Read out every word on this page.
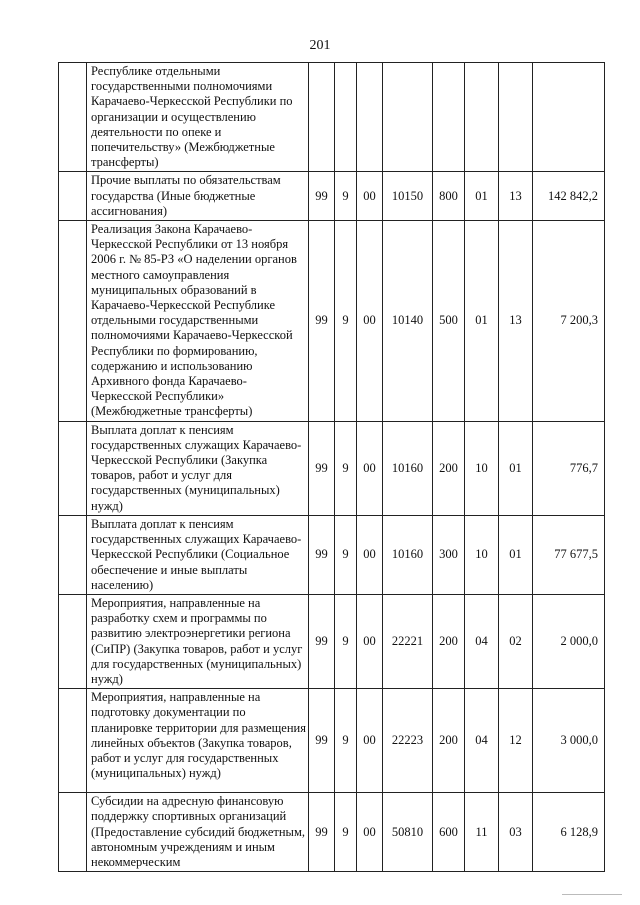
201
	Республике отдельными государственными полномочиями Карачаево-Черкесской Республики по организации и осуществлению деятельности по опеке и попечительству» (Межбюджетные трансферты)								
	Прочие выплаты по обязательствам государства (Иные бюджетные ассигнования)	99	9	00	10150	800	01	13	142 842,2
	Реализация Закона Карачаево-Черкесской Республики от 13 ноября 2006 г. № 85-РЗ «О наделении органов местного самоуправления муниципальных образований в Карачаево-Черкесской Республике отдельными государственными полномочиями Карачаево-Черкесской Республики по формированию, содержанию и использованию Архивного фонда Карачаево-Черкесской Республики» (Межбюджетные трансферты)	99	9	00	10140	500	01	13	7 200,3
	Выплата доплат к пенсиям государственных служащих Карачаево-Черкесской Республики (Закупка товаров, работ и услуг для государственных (муниципальных) нужд)	99	9	00	10160	200	10	01	776,7
	Выплата доплат к пенсиям государственных служащих Карачаево-Черкесской Республики (Социальное обеспечение и иные выплаты населению)	99	9	00	10160	300	10	01	77 677,5
	Мероприятия, направленные на разработку схем и программы по развитию электроэнергетики региона (СиПР) (Закупка товаров, работ и услуг для государственных (муниципальных) нужд)	99	9	00	22221	200	04	02	2 000,0
	Мероприятия, направленные на подготовку документации по планировке территории для размещения линейных объектов (Закупка товаров, работ и услуг для государственных (муниципальных) нужд)	99	9	00	22223	200	04	12	3 000,0
	Субсидии на адресную финансовую поддержку спортивных организаций (Предоставление субсидий бюджетным, автономным учреждениям и иным некоммерческим	99	9	00	50810	600	11	03	6 128,9
